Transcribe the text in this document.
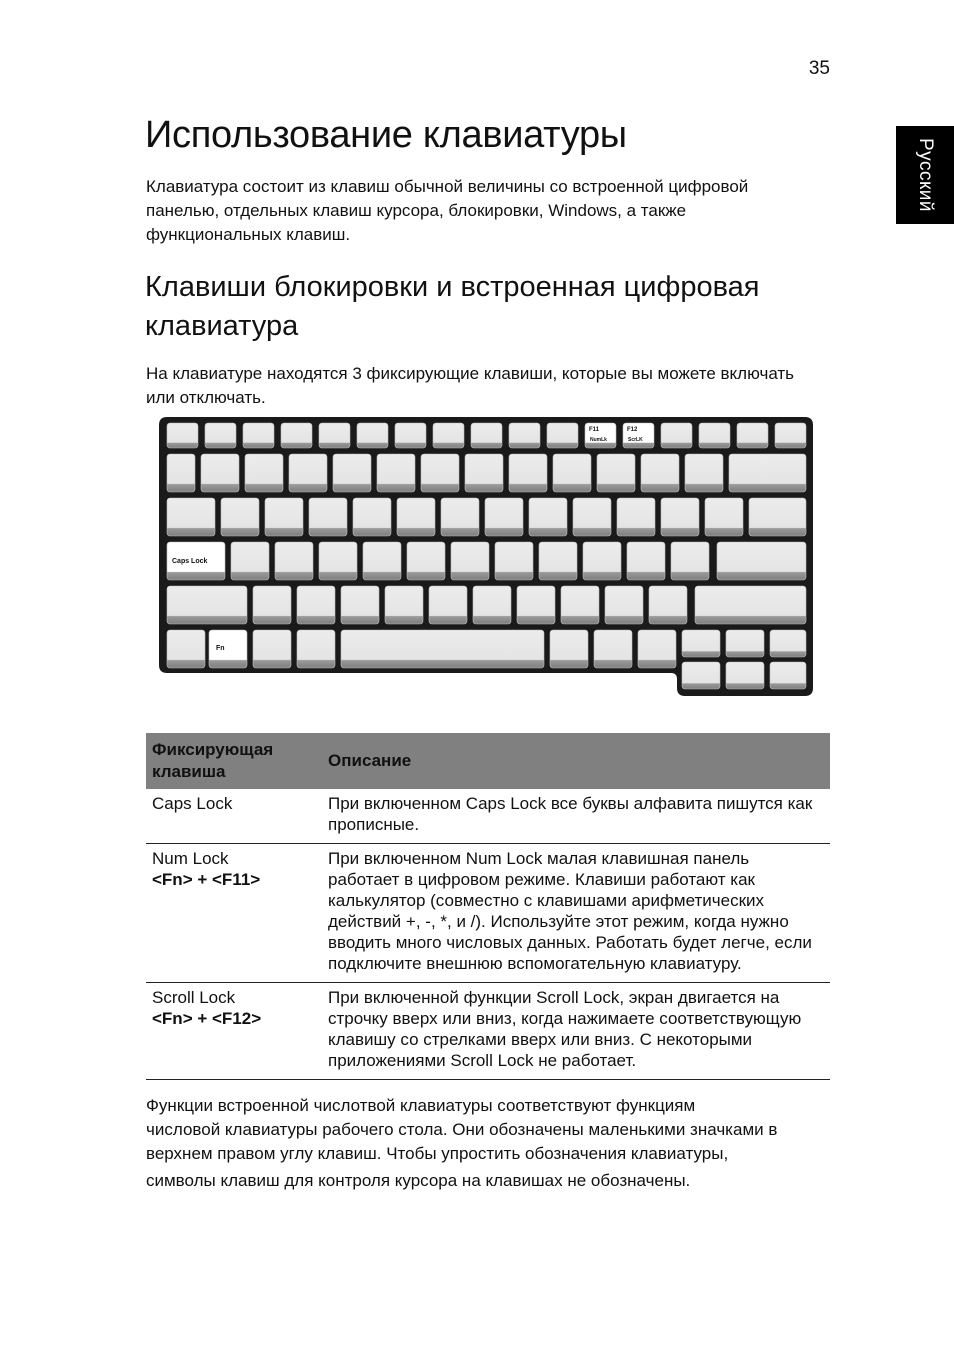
35
Русский
Использование клавиатуры

Клавиатура состоит из клавиш обычной величины со встроенной цифровой панелью, отдельных клавиш курсора, блокировки, Windows, а также функциональных клавиш.

Клавиши блокировки и встроенная цифровая клавиатура

На клавиатуре находятся 3 фиксирующие клавиши, которые вы можете включать или отключать.

F11
NumLk
F12
ScrLK
Caps Lock
Fn
Фиксирующая клавиша	Описание
Caps Lock	При включенном Caps Lock все буквы алфавита пишутся как прописные.
Num Lock
<Fn> + <F11>	При включенном Num Lock малая клавишная панель работает в цифровом режиме. Клавиши работают как калькулятор (совместно с клавишами арифметических действий +, -, *, и /). Используйте этот режим, когда нужно вводить много числовых данных. Работать будет легче, если подключите внешнюю вспомогательную клавиатуру.
Scroll Lock
<Fn> + <F12>	При включенной функции Scroll Lock, экран двигается на строчку вверх или вниз, когда нажимаете соответствующую клавишу со стрелками вверх или вниз. С некоторыми приложениями Scroll Lock не работает.

Функции встроенной числотвой клавиатуры соответствуют функциям
числовой клавиатуры рабочего стола. Они обозначены маленькими значками в
верхнем правом углу клавиш. Чтобы упростить обозначения клавиатуры,
символы клавиш для контроля курсора на клавишах не обозначены.
